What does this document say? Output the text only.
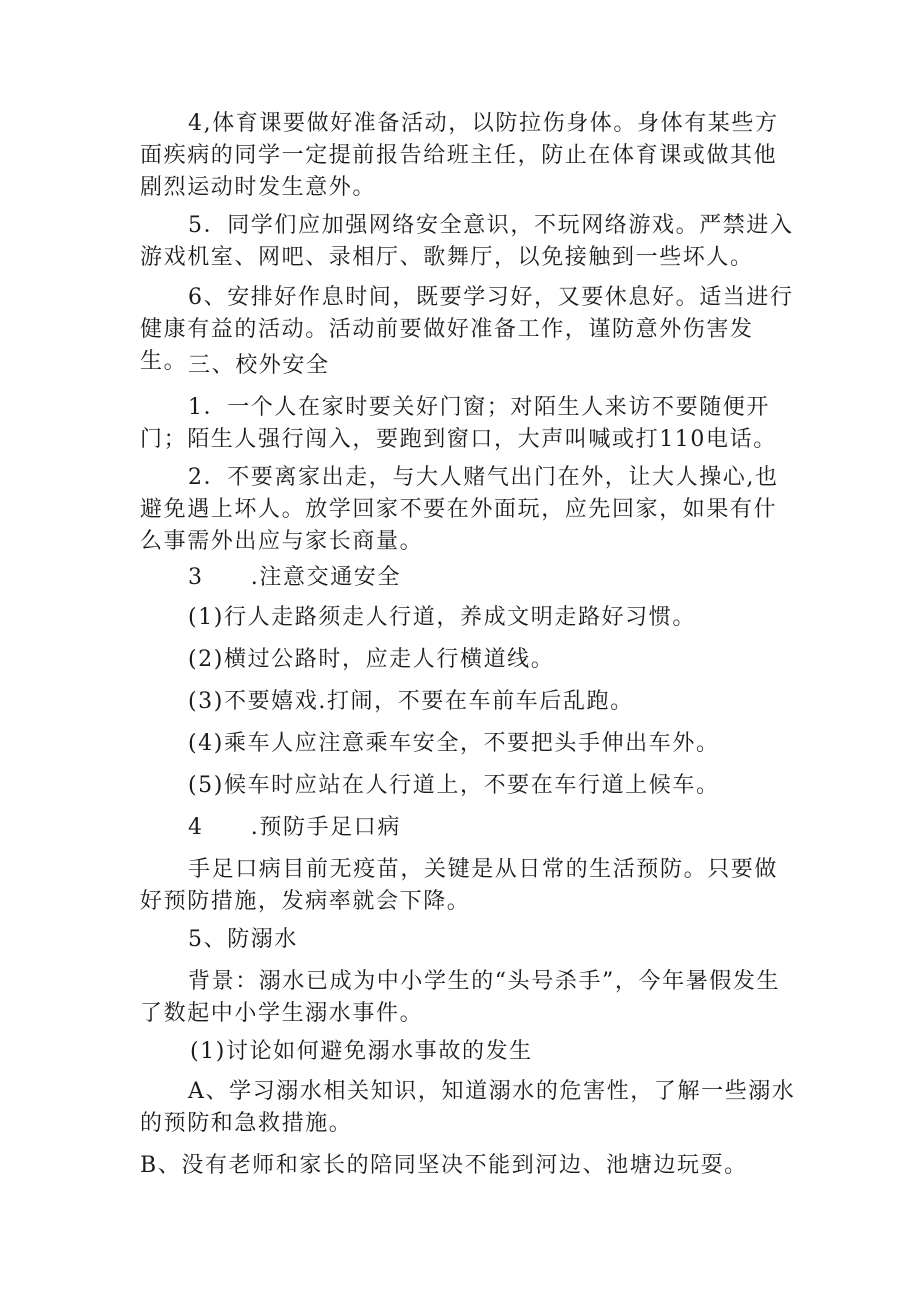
4,体育课要做好准备活动，以防拉伤身体。身体有某些方面疾病的同学一定提前报告给班主任，防止在体育课或做其他剧烈运动时发生意外。

5．同学们应加强网络安全意识，不玩网络游戏。严禁进入游戏机室、网吧、录相厅、歌舞厅，以免接触到一些坏人。

6、安排好作息时间，既要学习好，又要休息好。适当进行健康有益的活动。活动前要做好准备工作，谨防意外伤害发生。 三、校外安全

1．一个人在家时要关好门窗；对陌生人来访不要随便开门；陌生人强行闯入，要跑到窗口，大声叫喊或打110电话。

2．不要离家出走，与大人赌气出门在外，让大人操心,也避免遇上坏人。放学回家不要在外面玩，应先回家，如果有什么事需外出应与家长商量。

3　　.注意交通安全

(1)行人走路须走人行道，养成文明走路好习惯。

(2)横过公路时，应走人行横道线。

(3)不要嬉戏.打闹，不要在车前车后乱跑。

(4)乘车人应注意乘车安全，不要把头手伸出车外。

(5)候车时应站在人行道上，不要在车行道上候车。

4　　.预防手足口病

手足口病目前无疫苗，关键是从日常的生活预防。只要做好预防措施，发病率就会下降。

5、防溺水

背景：溺水已成为中小学生的“头号杀手”，今年暑假发生了数起中小学生溺水事件。

(1)讨论如何避免溺水事故的发生

A、学习溺水相关知识，知道溺水的危害性，了解一些溺水的预防和急救措施。

B、没有老师和家长的陪同坚决不能到河边、池塘边玩耍。
